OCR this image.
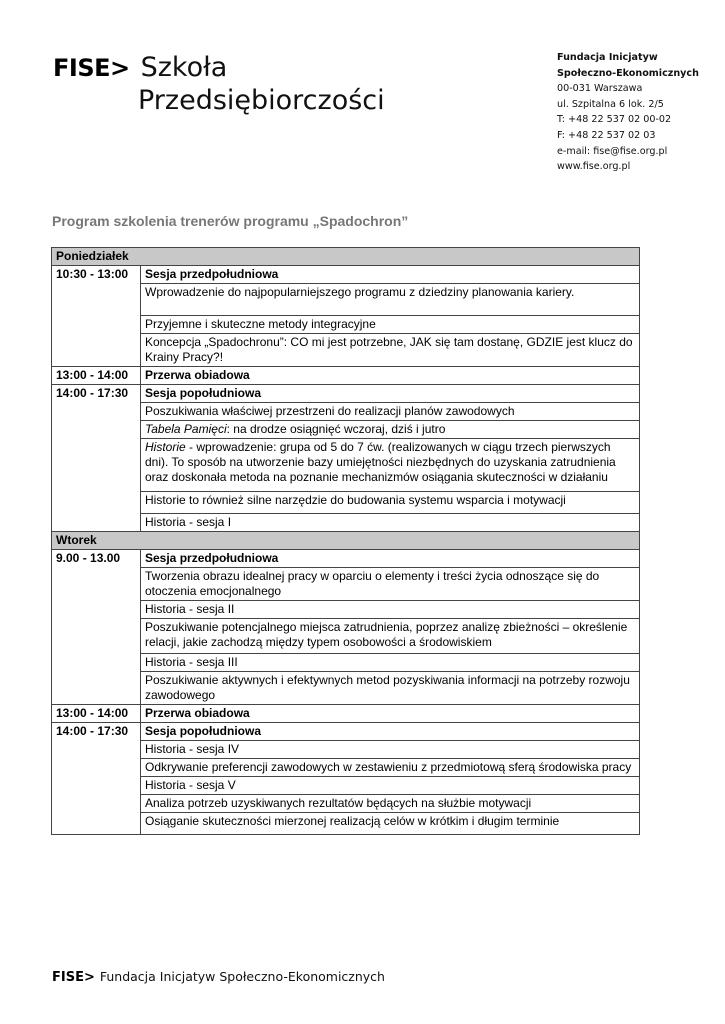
FISE> Szkoła
Przedsiębiorczości
Fundacja Inicjatyw
Społeczno-Ekonomicznych
00-031 Warszawa
ul. Szpitalna 6 lok. 2/5
T: +48 22 537 02 00-02
F: +48 22 537 02 03
e-mail: fise@fise.org.pl
www.fise.org.pl
Program szkolenia trenerów programu „Spadochron”
Poniedziałek	
10:30 - 13:00	Sesja przedpołudniowa
	Wprowadzenie do najpopularniejszego programu z dziedziny planowania kariery.
	Przyjemne i skuteczne metody integracyjne
	Koncepcja „Spadochronu”: CO mi jest potrzebne, JAK się tam dostanę, GDZIE jest klucz do Krainy Pracy?!
13:00 - 14:00	Przerwa obiadowa
14:00 - 17:30	Sesja popołudniowa
	Poszukiwania właściwej przestrzeni do realizacji planów zawodowych
	Tabela Pamięci: na drodze osiągnięć wczoraj, dziś i jutro
	Historie - wprowadzenie: grupa od 5 do 7 ćw. (realizowanych w ciągu trzech pierwszych dni). To sposób na utworzenie bazy umiejętności niezbędnych do uzyskania zatrudnienia oraz doskonała metoda na poznanie mechanizmów osiągania skuteczności w działaniu
	Historie to również silne narzędzie do budowania systemu wsparcia i motywacji
	Historia - sesja I
Wtorek	
9.00 - 13.00	Sesja przedpołudniowa
	Tworzenia obrazu idealnej pracy w oparciu o elementy i treści życia odnoszące się do otoczenia emocjonalnego
	Historia - sesja II
	Poszukiwanie potencjalnego miejsca zatrudnienia, poprzez analizę zbieżności – określenie relacji, jakie zachodzą między typem osobowości a środowiskiem
	Historia - sesja III
	Poszukiwanie aktywnych i efektywnych metod pozyskiwania informacji na potrzeby rozwoju zawodowego
13:00 - 14:00	Przerwa obiadowa
14:00 - 17:30	Sesja popołudniowa
	Historia - sesja IV
	Odkrywanie preferencji zawodowych w zestawieniu z przedmiotową sferą środowiska pracy
	Historia - sesja V
	Analiza potrzeb uzyskiwanych rezultatów będących na służbie motywacji
	Osiąganie skuteczności mierzonej realizacją celów w krótkim i długim terminie
FISE> Fundacja Inicjatyw Społeczno-Ekonomicznych
